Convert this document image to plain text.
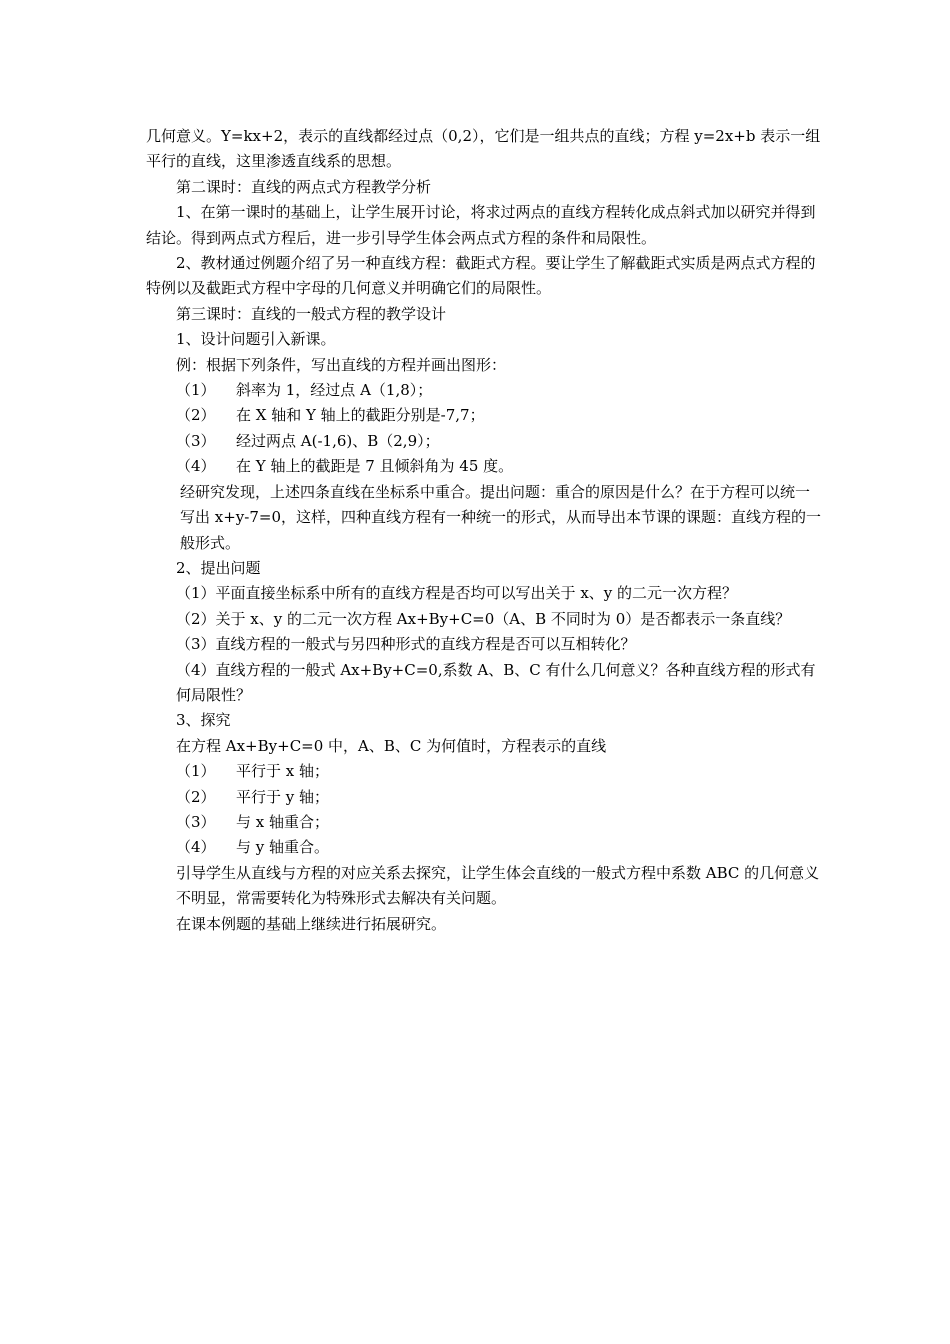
几何意义。Y=kx+2，表示的直线都经过点（0,2），它们是一组共点的直线；方程 y=2x+b 表示一组平行的直线，这里渗透直线系的思想。

第二课时：直线的两点式方程教学分析

1、在第一课时的基础上，让学生展开讨论，将求过两点的直线方程转化成点斜式加以研究并得到结论。得到两点式方程后，进一步引导学生体会两点式方程的条件和局限性。

2、教材通过例题介绍了另一种直线方程：截距式方程。要让学生了解截距式实质是两点式方程的特例以及截距式方程中字母的几何意义并明确它们的局限性。

第三课时：直线的一般式方程的教学设计

1、设计问题引入新课。

例：根据下列条件，写出直线的方程并画出图形：

（1）	斜率为 1，经过点 A（1,8）；
（2）	在 X 轴和 Y 轴上的截距分别是-7,7；
（3）	经过两点 A(-1,6)、B（2,9）；
（4）	在 Y 轴上的截距是 7 且倾斜角为 45 度。

经研究发现，上述四条直线在坐标系中重合。提出问题：重合的原因是什么？在于方程可以统一写出 x+y-7=0，这样，四种直线方程有一种统一的形式，从而导出本节课的课题：直线方程的一般形式。

2、提出问题

（1）平面直接坐标系中所有的直线方程是否均可以写出关于 x、y 的二元一次方程？

（2）关于 x、y 的二元一次方程 Ax+By+C=0（A、B 不同时为 0）是否都表示一条直线？

（3）直线方程的一般式与另四种形式的直线方程是否可以互相转化？

（4）直线方程的一般式 Ax+By+C=0,系数 A、B、C 有什么几何意义？各种直线方程的形式有何局限性？

3、探究

在方程 Ax+By+C=0 中，A、B、C 为何值时，方程表示的直线

（1）	平行于 x 轴；
（2）	平行于 y 轴；
（3）	与 x 轴重合；
（4）	与 y 轴重合。

引导学生从直线与方程的对应关系去探究，让学生体会直线的一般式方程中系数 ABC 的几何意义不明显，常需要转化为特殊形式去解决有关问题。

在课本例题的基础上继续进行拓展研究。
